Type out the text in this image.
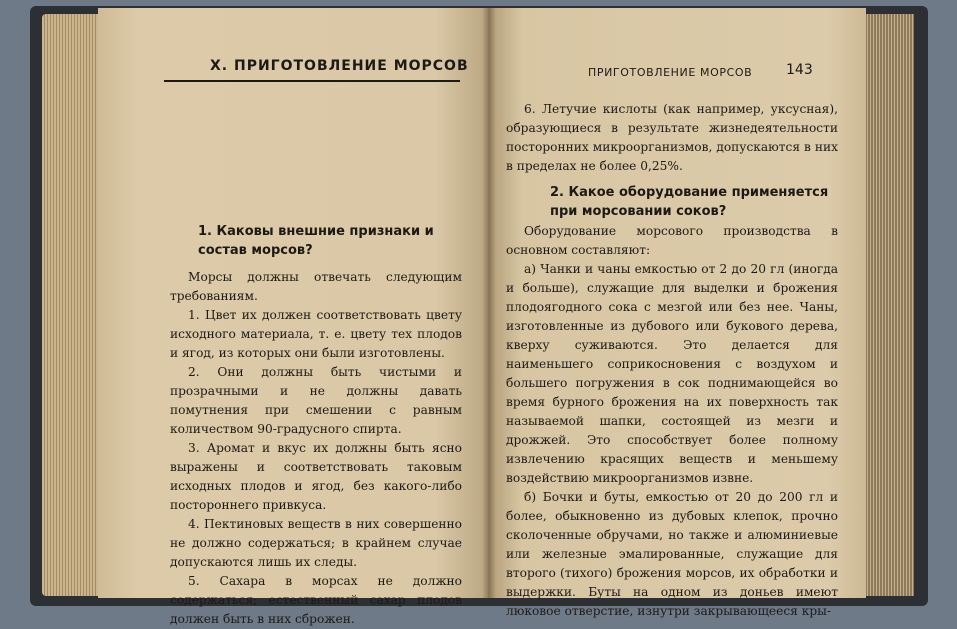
X. ПРИГОТОВЛЕНИЕ МОРСОВ
1. Каковы внешние признаки и состав морсов?

Морсы должны отвечать следующим требованиям.

1. Цвет их должен соответствовать цвету исходного материала, т. е. цвету тех плодов и ягод, из которых они были изготовлены.

2. Они должны быть чистыми и прозрачными и не должны давать помутнения при смешении с равным количеством 90-градусного спирта.

3. Аромат и вкус их должны быть ясно выражены и соответствовать таковым исходных плодов и ягод, без какого-либо постороннего привкуса.

4. Пектиновых веществ в них совершенно не должно содержаться; в крайнем случае допускаются лишь их следы.

5. Сахара в морсах не должно содержаться; естественный сахар плодов должен быть в них сброжен.

ПРИГОТОВЛЕНИЕ МОРСОВ 143

6. Летучие кислоты (как например, уксусная), образующиеся в результате жизнедеятельности посторонних микроорганизмов, допускаются в них в пределах не более 0,25%.

2. Какое оборудование применяется при морсовании соков?

Оборудование морсового производства в основном составляют:

а) Чанки и чаны емкостью от 2 до 20 гл (иногда и больше), служащие для выделки и брожения плодоягодного сока с мезгой или без нее. Чаны, изготовленные из дубового или букового дерева, кверху суживаются. Это делается для наименьшего соприкосновения с воздухом и большего погружения в сок поднимающейся во время бурного брожения на их поверхность так называемой шапки, состоящей из мезги и дрожжей. Это способствует более полному извлечению красящих веществ и меньшему воздействию микроорганизмов извне.

б) Бочки и буты, емкостью от 20 до 200 гл и более, обыкновенно из дубовых клепок, прочно сколоченные обручами, но также и алюминиевые или железные эмалированные, служащие для второго (тихого) брожения морсов, их обработки и выдержки. Буты на одном из доньев имеют люковое отверстие, изнутри закрывающееся кры-
